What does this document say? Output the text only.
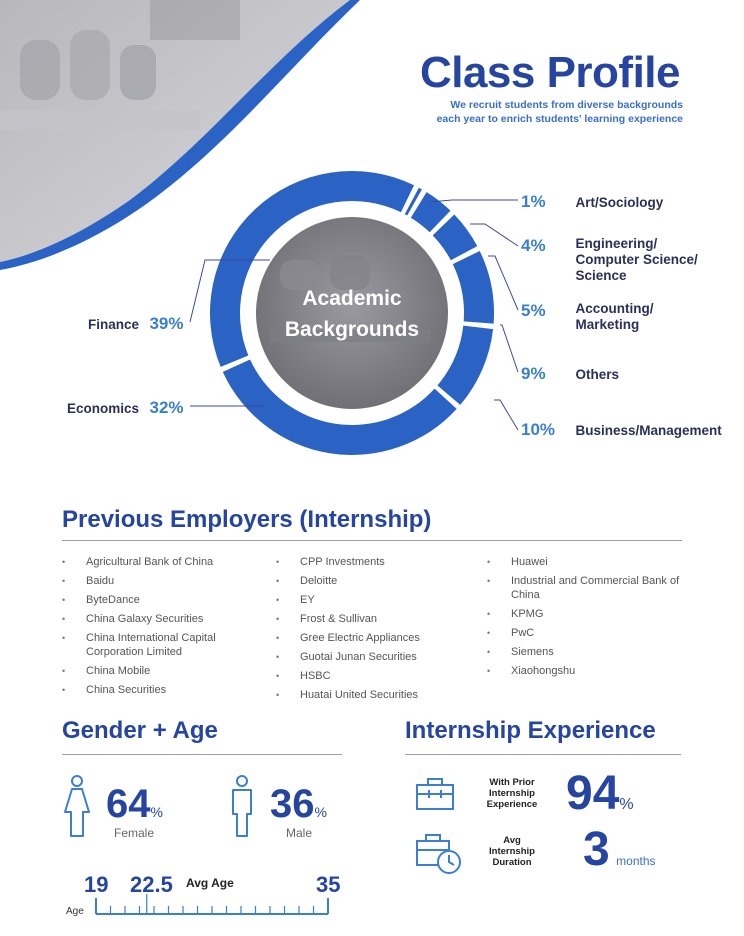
Class Profile
We recruit students from diverse backgrounds
each year to enrich students' learning experience
Academic
Backgrounds
1% Art/Sociology
4% Engineering/
Computer Science/
Science
5% Accounting/
Marketing
9% Others
10% Business/Management
Finance 39%
Economics 32%
Previous Employers (Internship)
• Agricultural Bank of China
• Baidu
• ByteDance
• China Galaxy Securities
• China International Capital Corporation Limited
• China Mobile
• China Securities
• CPP Investments
• Deloitte
• EY
• Frost & Sullivan
• Gree Electric Appliances
• Guotai Junan Securities
• HSBC
• Huatai United Securities
• Huawei
• Industrial and Commercial Bank of China
• KPMG
• PwC
• Siemens
• Xiaohongshu
Gender + Age
64%
Female
36%
Male
19 22.5 Avg Age	35
Age
Internship Experience
With Prior
Internship
Experience 94%
Avg
Internship
Duration	3 months
